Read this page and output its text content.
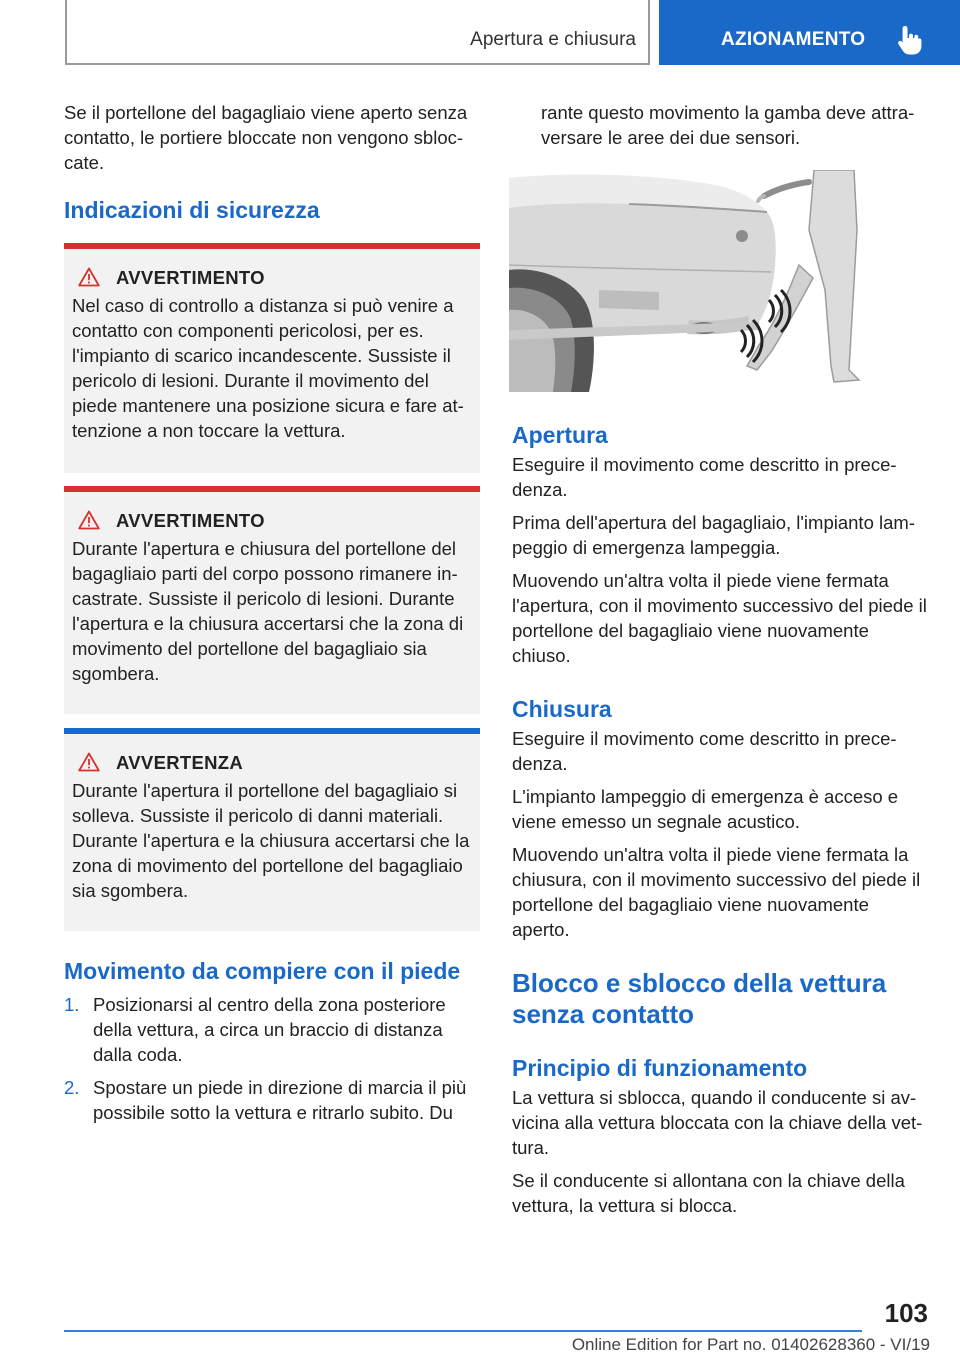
Apertura e chiusura	AZIONAMENTO

Se il portellone del bagagliaio viene aperto senza contatto, le portiere bloccate non vengono sbloccate.

Indicazioni di sicurezza
AVVERTIMENTO
Nel caso di controllo a distanza si può venire a contatto con componenti pericolosi, per es. l'impianto di scarico incandescente. Sussiste il pericolo di lesioni. Durante il movimento del piede mantenere una posizione sicura e fare attenzione a non toccare la vettura.
AVVERTIMENTO
Durante l'apertura e chiusura del portellone del bagagliaio parti del corpo possono rimanere incastrate. Sussiste il pericolo di lesioni. Durante l'apertura e la chiusura accertarsi che la zona di movimento del portellone del bagagliaio sia sgombera.
AVVERTENZA
Durante l'apertura il portellone del bagagliaio si solleva. Sussiste il pericolo di danni materiali. Durante l'apertura e la chiusura accertarsi che la zona di movimento del portellone del bagagliaio sia sgombera.
Movimento da compiere con il piede
1. Posizionarsi al centro della zona posteriore della vettura, a circa un braccio di distanza dalla coda.
2. Spostare un piede in direzione di marcia il più possibile sotto la vettura e ritrarlo subito. Du

rante questo movimento la gamba deve attraversare le aree dei due sensori.

Apertura

Eseguire il movimento come descritto in precedenza.

Prima dell'apertura del bagagliaio, l'impianto lampeggio di emergenza lampeggia.

Muovendo un'altra volta il piede viene fermata l'apertura, con il movimento successivo del piede il portellone del bagagliaio viene nuovamente chiuso.

Chiusura

Eseguire il movimento come descritto in precedenza.

L'impianto lampeggio di emergenza è acceso e viene emesso un segnale acustico.

Muovendo un'altra volta il piede viene fermata la chiusura, con il movimento successivo del piede il portellone del bagagliaio viene nuovamente aperto.

Blocco e sblocco della vettura senza contatto
Principio di funzionamento

La vettura si sblocca, quando il conducente si avvicina alla vettura bloccata con la chiave della vettura.

Se il conducente si allontana con la chiave della vettura, la vettura si blocca.

103
Online Edition for Part no. 01402628360 - VI/19
